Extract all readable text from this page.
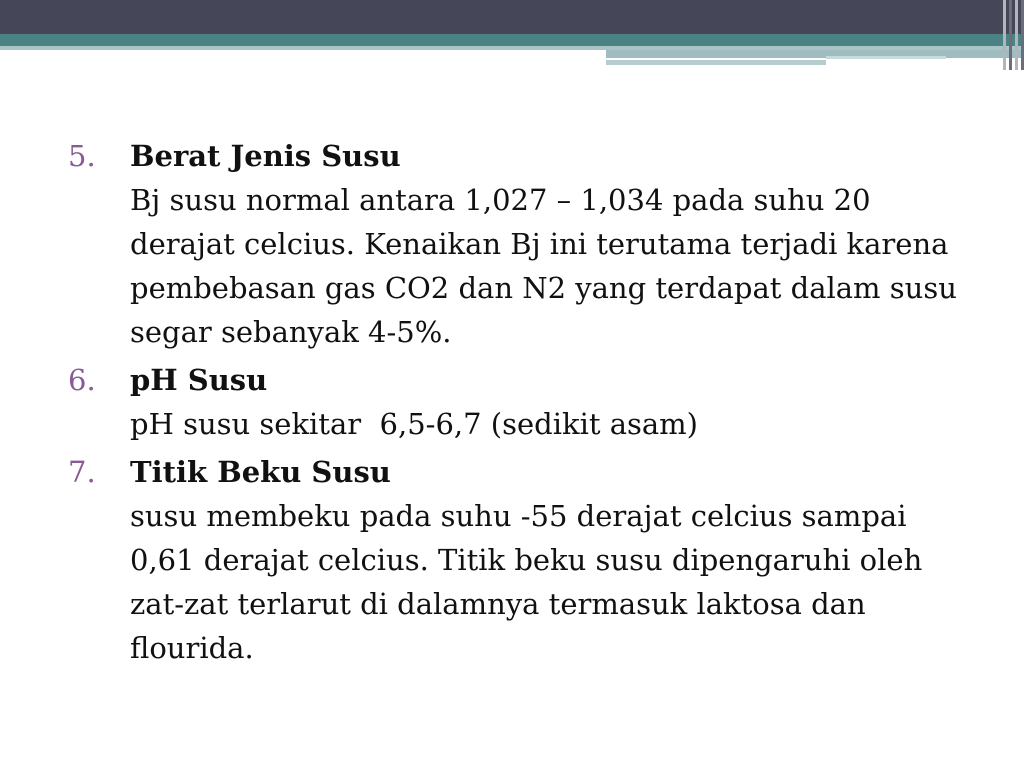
5.	Berat Jenis Susu
Bj susu normal antara 1,027 – 1,034 pada suhu 20 derajat celcius. Kenaikan Bj ini terutama terjadi karena pembebasan gas CO2 dan N2 yang terdapat dalam susu segar sebanyak 4-5%.
6.	pH Susu
pH susu sekitar  6,5-6,7 (sedikit asam)
7.	Titik Beku Susu
susu membeku pada suhu -55 derajat celcius sampai 0,61 derajat celcius. Titik beku susu dipengaruhi oleh zat-zat terlarut di dalamnya termasuk laktosa dan flourida.
